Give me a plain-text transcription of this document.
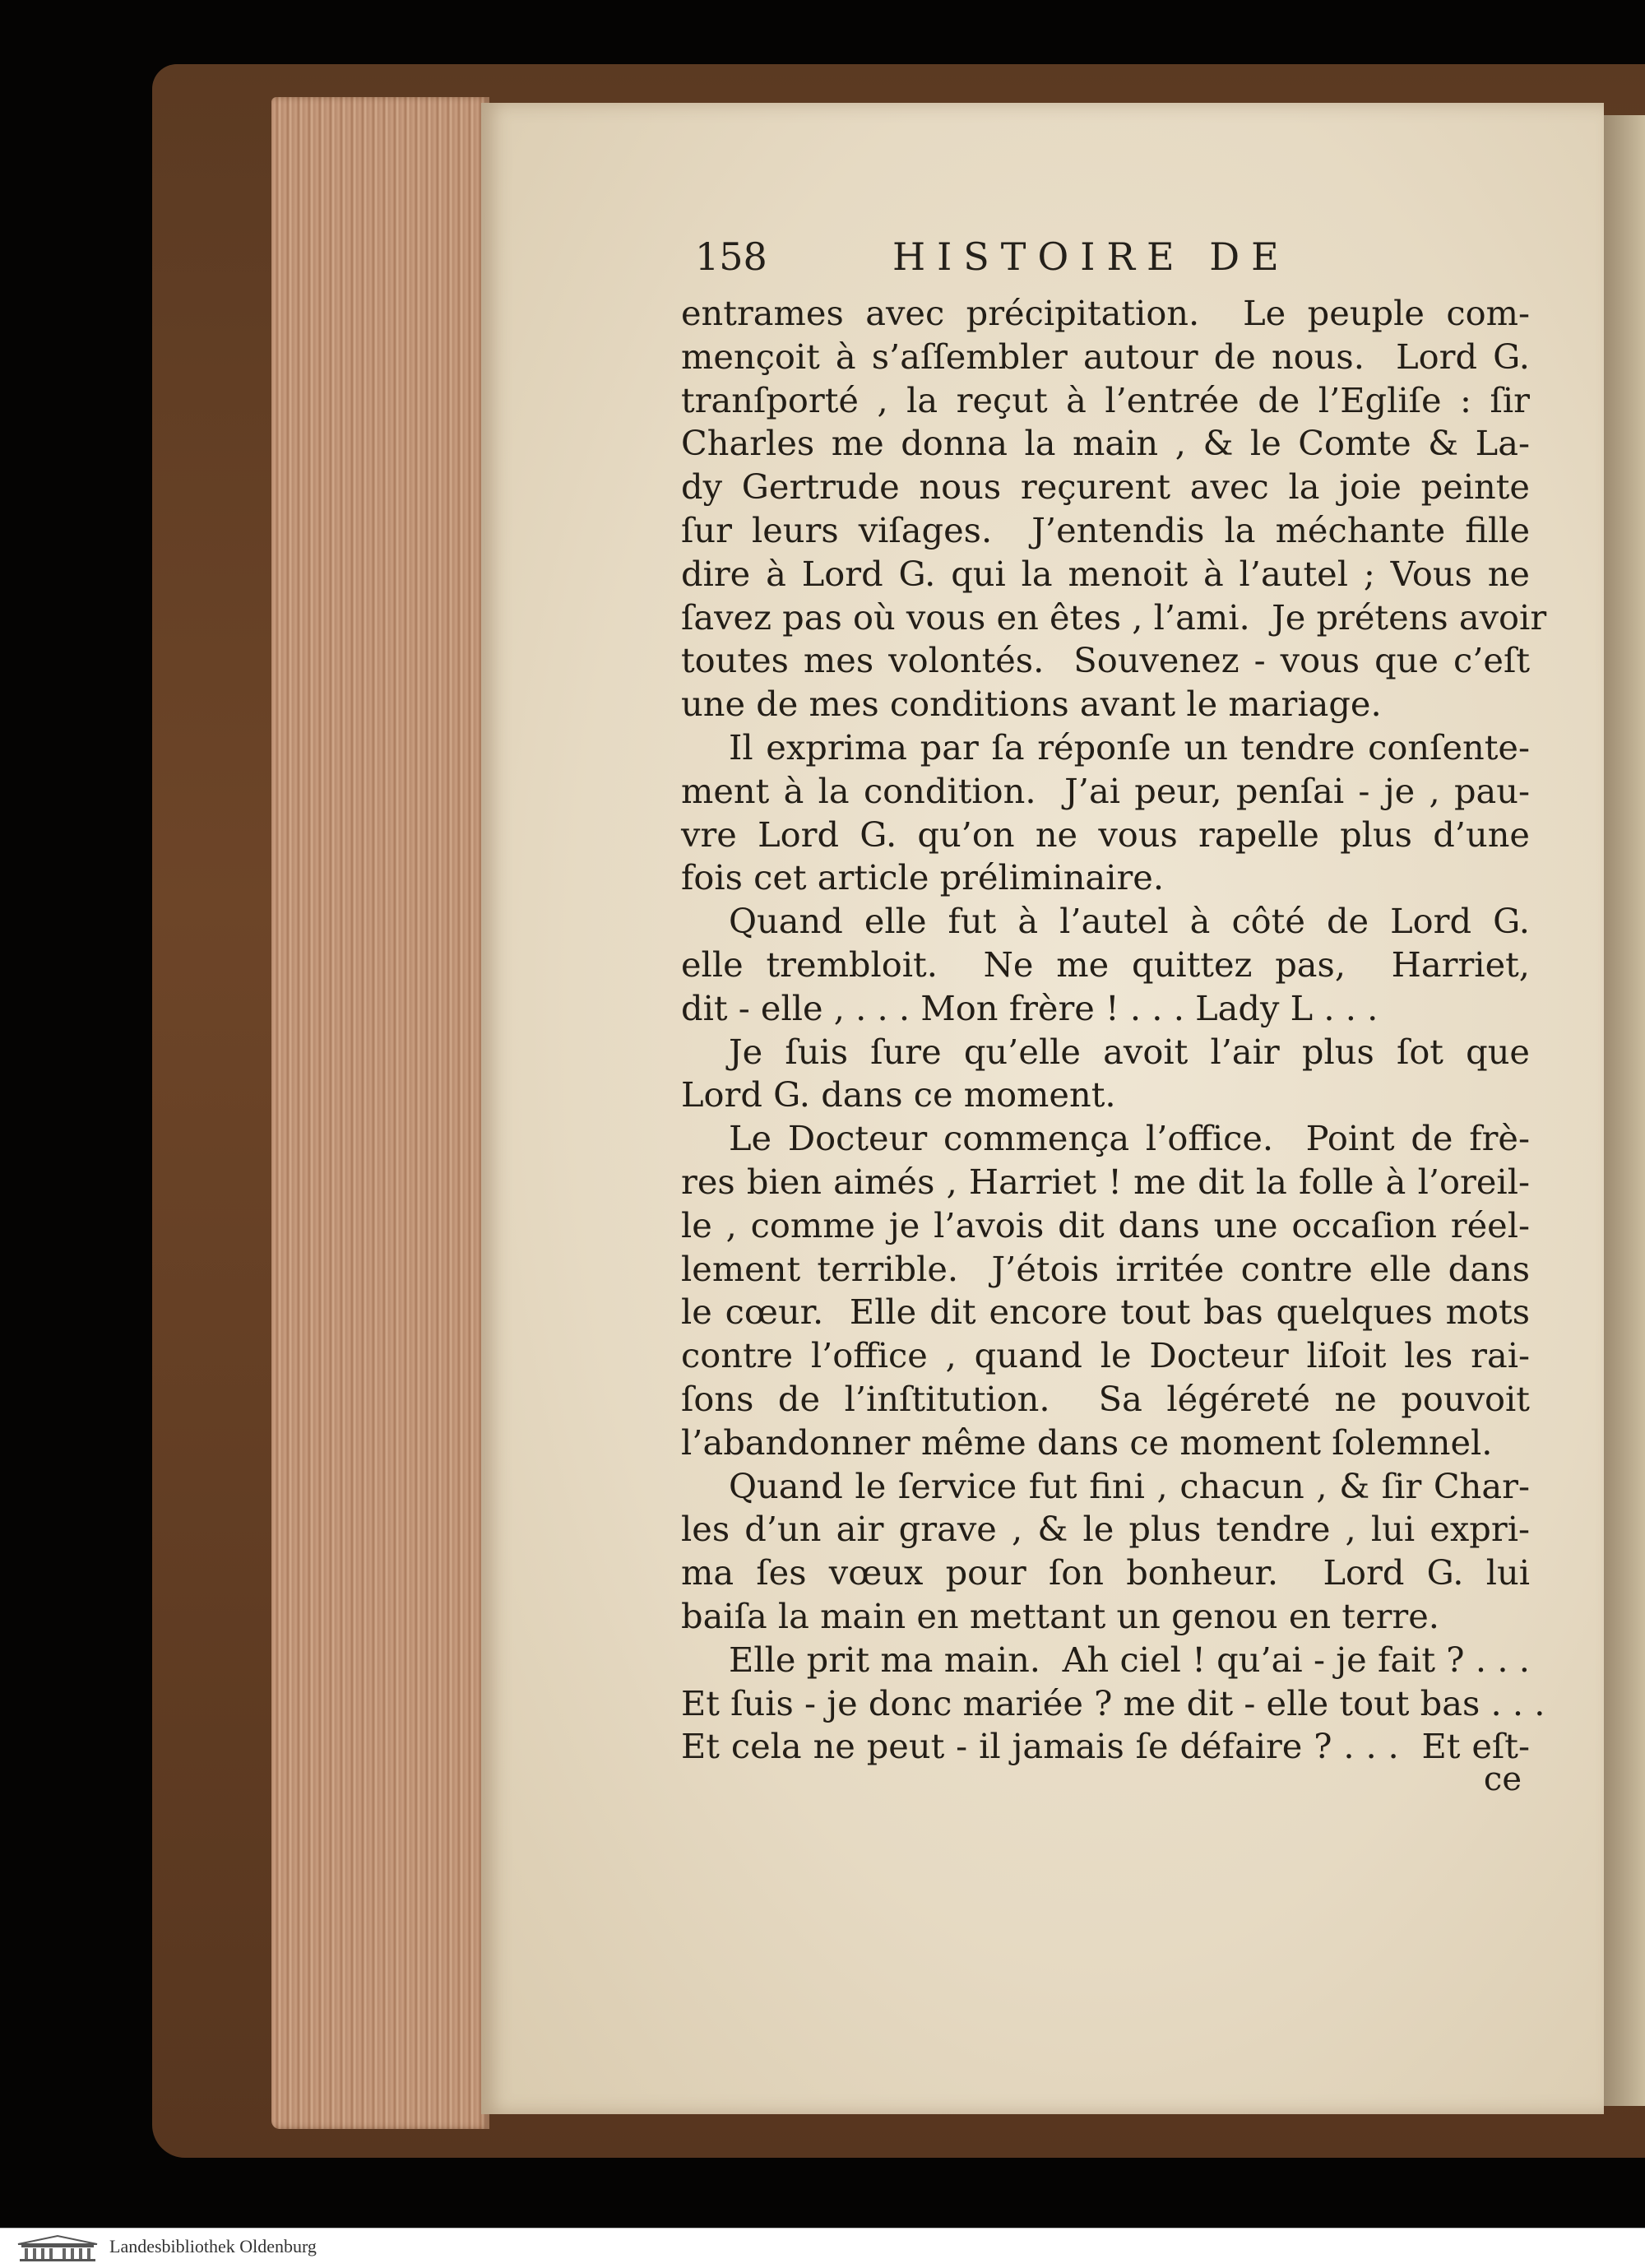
158	HISTOIRE DE
entrames avec précipitation.  Le peuple com-
mençoit à s’aſſembler autour de nous.  Lord G.
tranſporté , la reçut à l’entrée de l’Egliſe : ſir
Charles me donna la main , & le Comte & La-
dy Gertrude nous reçurent avec la joie peinte
ſur leurs viſages.  J’entendis la méchante fille
dire à Lord G. qui la menoit à l’autel ; Vous ne
ſavez pas où vous en êtes , l’ami.  Je prétens avoir
toutes mes volontés.  Souvenez - vous que c’eſt
une de mes conditions avant le mariage.
Il exprima par ſa réponſe un tendre conſente-
ment à la condition.  J’ai peur, penſai - je , pau-
vre Lord G. qu’on ne vous rapelle plus d’une
fois cet article préliminaire.
Quand elle fut à l’autel à côté de Lord G.
elle trembloit.  Ne me quittez pas,  Harriet,
dit - elle , . . . Mon frère ! . . . Lady L . . .
Je ſuis ſure qu’elle avoit l’air plus ſot que
Lord G. dans ce moment.
Le Docteur commença l’office.  Point de frè-
res bien aimés , Harriet ! me dit la folle à l’oreil-
le , comme je l’avois dit dans une occaſion réel-
lement terrible.  J’étois irritée contre elle dans
le cœur.  Elle dit encore tout bas quelques mots
contre l’office , quand le Docteur liſoit les rai-
ſons de l’inſtitution.  Sa légéreté ne pouvoit
l’abandonner même dans ce moment ſolemnel.
Quand le ſervice fut fini , chacun , & ſir Char-
les d’un air grave , & le plus tendre , lui expri-
ma ſes vœux pour ſon bonheur.  Lord G. lui
baiſa la main en mettant un genou en terre.
Elle prit ma main.  Ah ciel ! qu’ai - je fait ? . . .
Et ſuis - je donc mariée ? me dit - elle tout bas . . .
Et cela ne peut - il jamais ſe défaire ? . . .  Et eſt-
ce
Landesbibliothek Oldenburg
